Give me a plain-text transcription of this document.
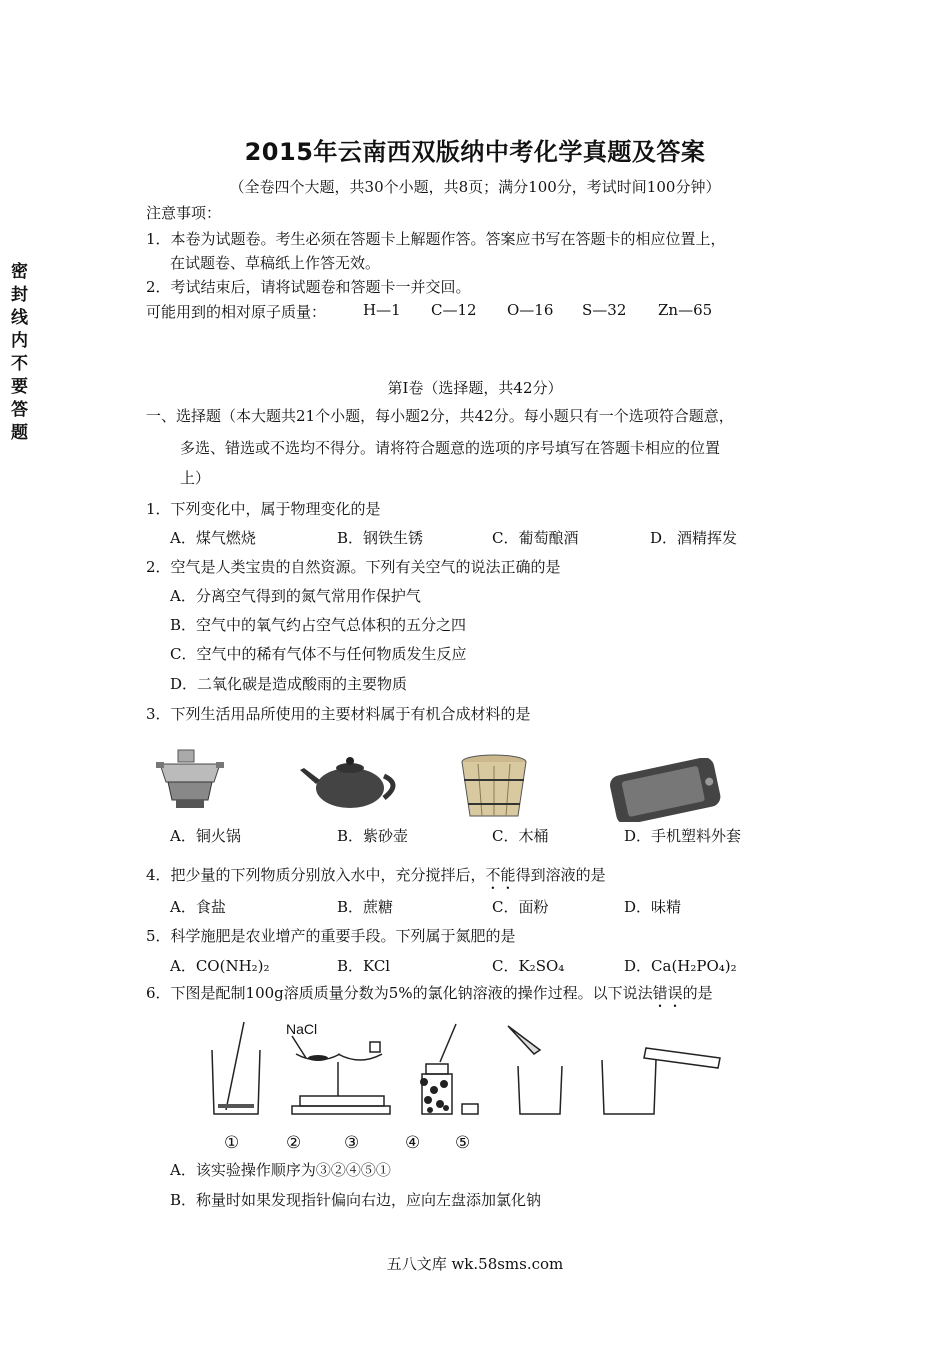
密封线内不要答题
2015年云南西双版纳中考化学真题及答案
（全卷四个大题，共30个小题，共8页；满分100分，考试时间100分钟）
注意事项：
1．本卷为试题卷。考生必须在答题卡上解题作答。答案应书写在答题卡的相应位置上，
在试题卷、草稿纸上作答无效。
2．考试结束后，请将试题卷和答题卡一并交回。
可能用到的相对原子质量： H—1 C—12 O—16 S—32 Zn—65
第Ⅰ卷（选择题，共42分）
一、选择题（本大题共21个小题，每小题2分，共42分。每小题只有一个选项符合题意，
多选、错选或不选均不得分。请将符合题意的选项的序号填写在答题卡相应的位置
上）
1．下列变化中，属于物理变化的是
A．煤气燃烧	B．钢铁生锈	C．葡萄酿酒	D．酒精挥发
2．空气是人类宝贵的自然资源。下列有关空气的说法正确的是
A．分离空气得到的氮气常用作保护气
B．空气中的氧气约占空气总体积的五分之四
C．空气中的稀有气体不与任何物质发生反应
D．二氧化碳是造成酸雨的主要物质
3．下列生活用品所使用的主要材料属于有机合成材料的是
A．铜火锅	B．紫砂壶	C．木桶	D．手机塑料外套
4．把少量的下列物质分别放入水中，充分搅拌后，不能得到溶液的是
A．食盐	B．蔗糖	C．面粉	D．味精
5．科学施肥是农业增产的重要手段。下列属于氮肥的是
A．CO(NH₂)₂	B．KCl	C．K₂SO₄	D．Ca(H₂PO₄)₂
6．下图是配制100g溶质质量分数为5%的氯化钠溶液的操作过程。以下说法错误的是
NaCl
①	②	③	④ ⑤
A．该实验操作顺序为③②④⑤①
B．称量时如果发现指针偏向右边，应向左盘添加氯化钠
五八文库 wk.58sms.com
